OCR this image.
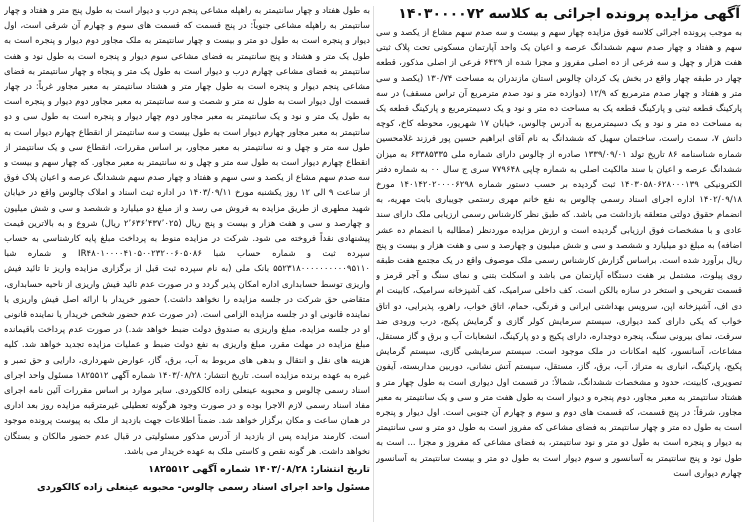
آگهی مزایده پرونده اجرائی به کلاسه ۱۴۰۳۰۰۰۰۷۲

به موجب پرونده اجرائی کلاسه فوق مزایده چهار سهم و بیست و سه صدم سهم مشاع از یکصد و سی سهم و هفتاد و چهار صدم سهم ششدانگ عرصه و اعیان یک واحد آپارتمان مسکونی تحت پلاک ثبتی هفت هزار و چهل و سه فرعی از ده اصلی مفروز و مجزا شده از ۶۴۲۹ فرعی از اصلی مذکور، قطعه چهار در طبقه چهار واقع در بخش یک کردان چالوس استان مازندران به مساحت ۱۳۰/۷۴ (یکصد و سی متر و هفتاد و چهار صدم مترمربع که ۱۲/۹ (دوازده متر و نود صدم مترمربع آن تراس مسقف) در سه پارکینگ قطعه ثبتی و پارکینگ قطعه یک به مساحت ده متر و نود و یک دسیمترمربع و پارکینگ قطعه یک به مساحت ده متر و نود و یک دسیمترمربع به آدرس چالوس، خیابان ۱۷ شهریور، محوطه کاخ، کوچه دانش ۷، سمت راست، ساختمان سهیل که ششدانگ به نام آقای ابراهیم حسین پور فرزند غلامحسین شماره شناسنامه ۸۶ تاریخ تولد ۱۳۳۹/۰۹/۰۱ صادره از چالوس دارای شماره ملی ۶۳۳۸۵۳۳۵ به میزان ششدانگ عرصه و اعیان با سند مالکیت اصلی به شماره چاپی ۷۷۹۶۴۸ سری ج سال ۰۰ به شماره دفتر الکترونیکی ۱۴۰۳۰۵۸۰۶۲۸۰۰۰۱۳۹ ثبت گردیده بر حسب دستور شماره ۱۴۰۱۴۲۰۲۰۰۰۰۶۲۹۸ مورخ ۱۴۰۲/۰۹/۱۸ اداره اجرای اسناد رسمی چالوس به نفع خانم مهری رستمی جویباری بابت مهریه، به انضمام حقوق دولتی متعلقه بازداشت می باشد. که طبق نظر کارشناس رسمی ارزیابی ملک دارای سند عادی و با مشخصات فوق ارزیابی گردیده است و ارزش مزایده موردنظر (مطالبه با انضمام ده عشر اضافه) به مبلغ دو میلیارد و ششصد و سی و شش میلیون و چهارصد و سی و هفت هزار و بیست و پنج ریال برآورد شده است. براساس گزارش کارشناس رسمی ملک موصوف واقع در یک مجتمع هفت طبقه روی پیلوت، مشتمل بر هفت دستگاه آپارتمان می باشد و اسکلت بتنی و نمای سنگ و آجر قرمز و قسمت تفریحی و استخر در سازه بالکن است. کف داخلی سرامیک، کف آشپزخانه سرامیک، کابینت ام دی اف، آشپزخانه اپن، سرویس بهداشتی ایرانی و فرنگی، حمام، اتاق خواب، راهرو، پذیرایی، دو اتاق خواب که یکی دارای کمد دیواری، سیستم سرمایش کولر گازی و گرمایش پکیج، درب ورودی ضد سرقت، نمای بیرونی سنگ، پنجره دوجداره، دارای پکیج و دو پارکینگ، انشعابات آب و برق و گاز مستقل، مشاعات، آسانسور، کلیه امکانات در ملک موجود است. سیستم سرمایشی گازی، سیستم گرمایش پکیج، پارکینگ، انباری به متراژ، آب، برق، گاز، مستقل، سیستم آتش نشانی، دوربین مداربسته، آیفون تصویری، کابینت، حدود و مشخصات ششدانگ، شمالاً: در قسمت اول دیواری است به طول چهار متر و هشتاد سانتیمتر به معبر مجاور، دوم پنجره و دیوار است به طول هفت متر و سی و یک سانتیمتر به معبر مجاور، شرقاً: در پنج قسمت، که قسمت های دوم و سوم و چهارم آن جنوبی است. اول دیوار و پنجره است به طول ده متر و چهار سانتیمتر به فضای مشاعی که مفروز است به طول دو متر و سی سانتیمتر به دیوار و پنجره است به طول دو متر و نود سانتیمتر، به فضای مشاعی که مفروز و مجزا ... است به طول نود و پنج سانتیمتر به آسانسور و سوم دیوار است به طول دو متر و بیست سانتیمتر به آسانسور چهارم دیواری است

به طول هفتاد و چهار سانتیمتر به راهپله مشاعی پنجم درب و دیوار است به طول پنج متر و هفتاد و چهار سانتیمتر به راهپله مشاعی جنوباً: در پنج قسمت که قسمت های سوم و چهارم آن شرقی است، اول دیوار و پنجره است به طول دو متر و بیست و چهار سانتیمتر به ملک مجاور دوم دیوار و پنجره است به طول یک متر و هشتاد و پنج سانتیمتر به فضای مشاعی سوم دیوار و پنجره است به طول نود و هفت سانتیمتر به فضای مشاعی چهارم درب و دیوار است به طول یک متر و پنجاه و چهار سانتیمتر به فضای مشاعی پنجم دیوار و پنجره است به طول چهار متر و هشتاد سانتیمتر به معبر مجاور غرباً: در چهار قسمت اول دیوار است به طول نه متر و شصت و سه سانتیمتر به معبر مجاور دوم دیوار و پنجره است به طول یک متر و نود و یک سانتیمتر به معبر مجاور دوم چهار دیوار و پنجره است به طول سی و دو سانتیمتر به معبر مجاور چهارم دیوار است به طول بیست و سه سانتیمتر از انقطاع چهارم دیوار است به طول سه متر و چهل و نه سانتیمتر به معبر مجاور، بر اساس مقررات، انقطاع سی و یک سانتیمتر از انقطاع چهارم دیوار است به طول سه متر و چهل و نه سانتیمتر به معبر مجاور. که چهار سهم و بیست و سه صدم سهم مشاع از یکصد و سی سهم و هفتاد و چهار صدم سهم ششدانگ عرصه و اعیان پلاک فوق از ساعت ۹ الی ۱۲ روز یکشنبه مورخ ۱۴۰۳/۰۹/۱۱ در اداره ثبت اسناد و املاک چالوس واقع در خیابان شهید مطهری از طریق مزایده به فروش می رسد و از مبلغ دو میلیارد و ششصد و سی و شش میلیون و چهارصد و سی و هفت هزار و بیست و پنج ریال (۲٬۶۳۶٬۴۳۷٬۰۲۵ ریال) شروع و به بالاترین قیمت پیشنهادی نقداً فروخته می شود. شرکت در مزایده منوط به پرداخت مبلغ پایه کارشناسی به حساب سپرده ثبت و شماره حساب شبا IR۴۸۰۱۰۰۰۰۴۱۰۵۰۰۲۳۲۰۰۶۰۵۰۸۶ و شماره شبا ۵۵۲۳۱۸۰۰۰۰۰۰۰۰۰۰۹۵۱۱۰ بانک ملی (به نام سپرده ثبت قبل از برگزاری مزایده واریز تا تائید فیش واریزی توسط حسابداری اداره امکان پذیر گردد و در صورت عدم تائید فیش واریزی از ناحیه حسابداری، متقاضی حق شرکت در جلسه مزایده را نخواهد داشت.) حضور خریدار با ارائه اصل فیش واریزی یا نماینده قانونی او در جلسه مزایده الزامی است. (در صورت عدم حضور شخص خریدار یا نماینده قانونی او در جلسه مزایده، مبلغ واریزی به صندوق دولت ضبط خواهد شد.) در صورت عدم پرداخت باقیمانده مبلغ مزایده در مهلت مقرر، مبلغ واریزی به نفع دولت ضبط و عملیات مزایده تجدید خواهد شد. کلیه هزینه های نقل و انتقال و بدهی های مربوط به آب، برق، گاز، عوارض شهرداری، دارایی و حق تمبر و غیره به عهده برنده مزایده است. تاریخ انتشار: ۱۴۰۳/۰۸/۲۸ شماره آگهی ۱۸۲۵۵۱۲ مسئول واحد اجرای اسناد رسمی چالوس و محبوبه عینعلی زاده کالکوردی. سایر موارد بر اساس مقررات آئین نامه اجرای مفاد اسناد رسمی لازم الاجرا بوده و در صورت وجود هرگونه تعطیلی غیرمترقبه مزایده روز بعد اداری در همان ساعت و مکان برگزار خواهد شد. ضمناً اطلاعات جهت بازدید از ملک به پیوست پرونده موجود است. کارمند مزایده پس از بازدید از آدرس مذکور مسئولیتی در قبال عدم حضور مالکان و بستگان نخواهد داشت. هر گونه نقص و کاستی ملک به عهده خریدار می باشد.

تاریخ انتشار: ۱۴۰۳/۰۸/۲۸ شماره آگهی ۱۸۲۵۵۱۲
مسئول واحد اجرای اسناد رسمی چالوس- محبوبه عینعلی زاده کالکوردی
